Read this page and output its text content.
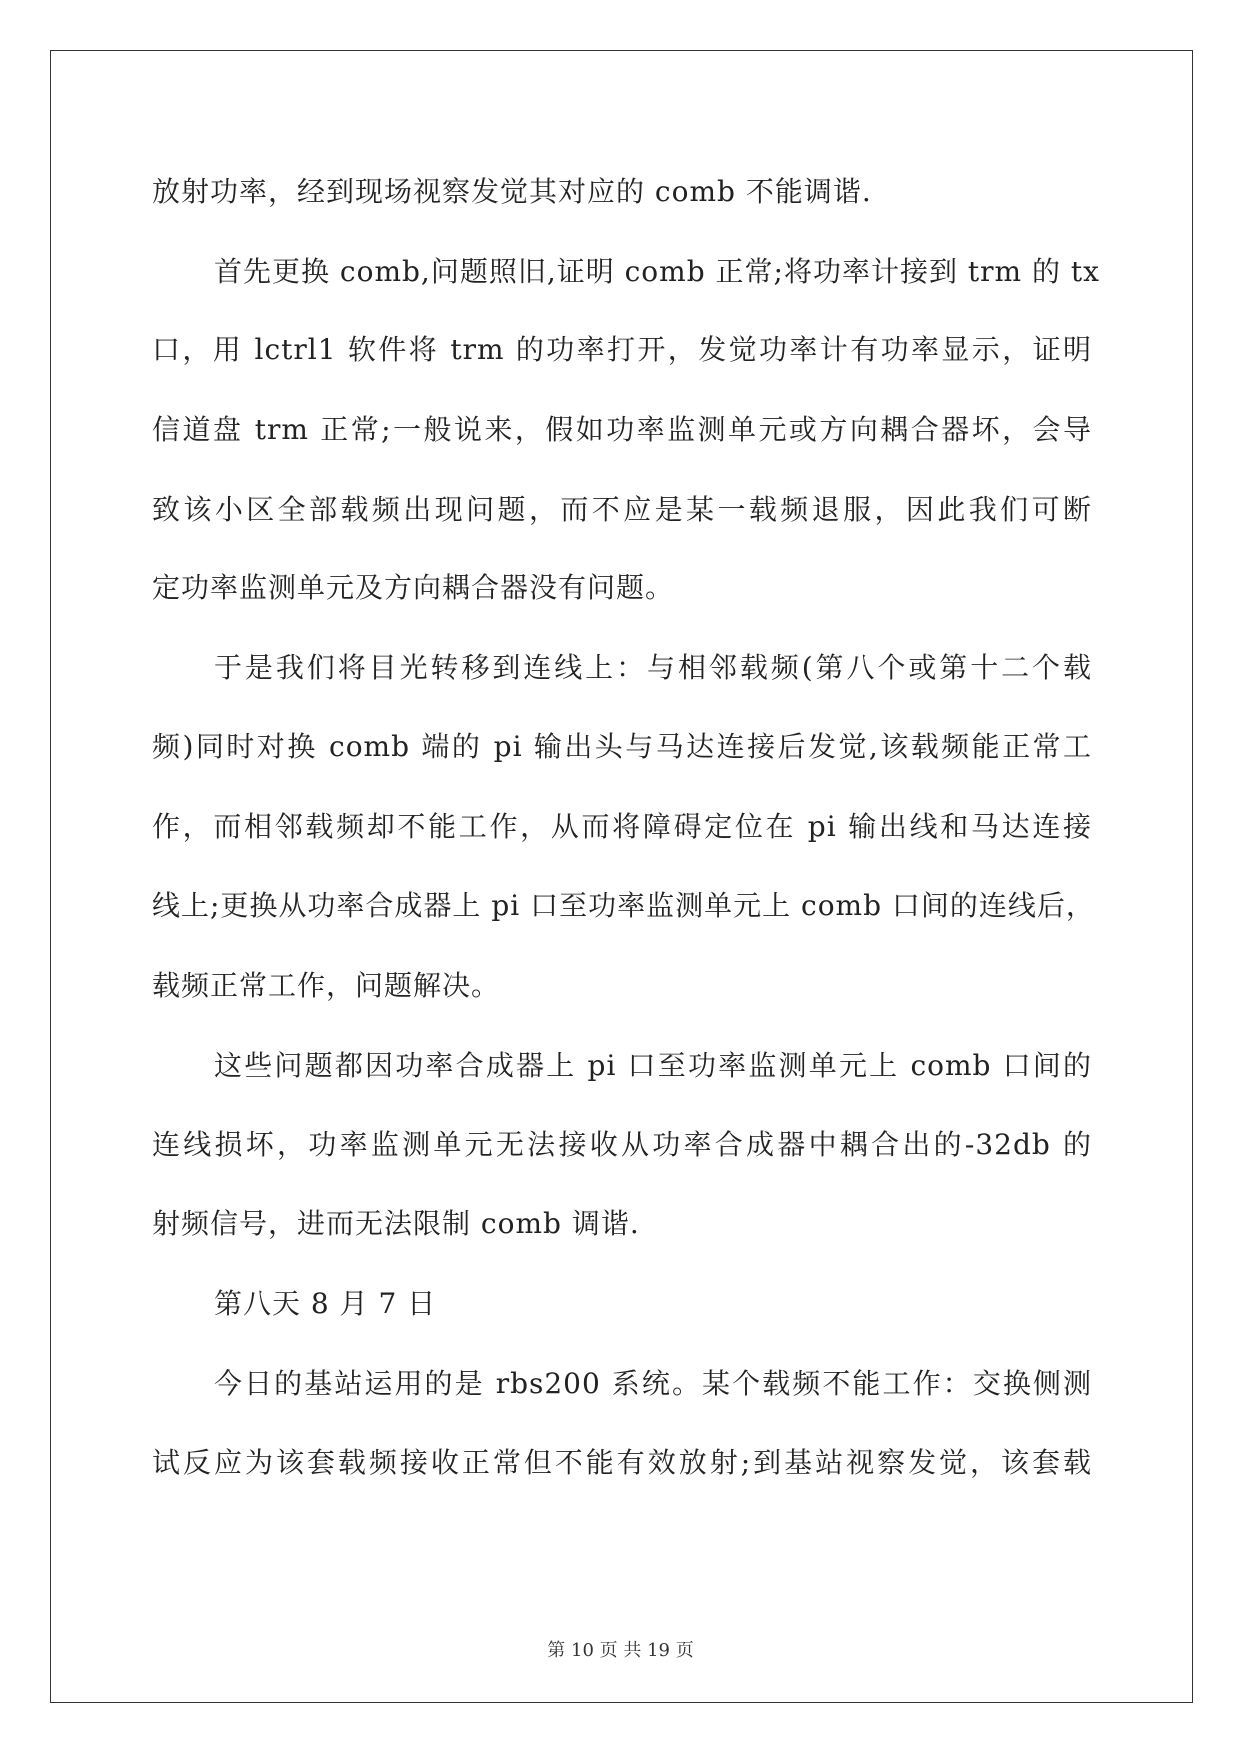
放射功率，经到现场视察发觉其对应的 comb 不能调谐.
首先更换 comb,问题照旧,证明 comb 正常;将功率计接到 trm 的 tx
口，用 lctrl1 软件将 trm 的功率打开，发觉功率计有功率显示，证明
信道盘 trm 正常;一般说来，假如功率监测单元或方向耦合器坏，会导
致该小区全部载频出现问题，而不应是某一载频退服，因此我们可断
定功率监测单元及方向耦合器没有问题。
于是我们将目光转移到连线上：与相邻载频(第八个或第十二个载
频)同时对换 comb 端的 pi 输出头与马达连接后发觉,该载频能正常工
作，而相邻载频却不能工作，从而将障碍定位在 pi 输出线和马达连接
线上;更换从功率合成器上 pi 口至功率监测单元上 comb 口间的连线后，
载频正常工作，问题解决。
这些问题都因功率合成器上 pi 口至功率监测单元上 comb 口间的
连线损坏，功率监测单元无法接收从功率合成器中耦合出的-32db 的
射频信号，进而无法限制 comb 调谐.
第八天 8 月 7 日
今日的基站运用的是 rbs200 系统。某个载频不能工作：交换侧测
试反应为该套载频接收正常但不能有效放射;到基站视察发觉，该套载
第 10 页 共 19 页
